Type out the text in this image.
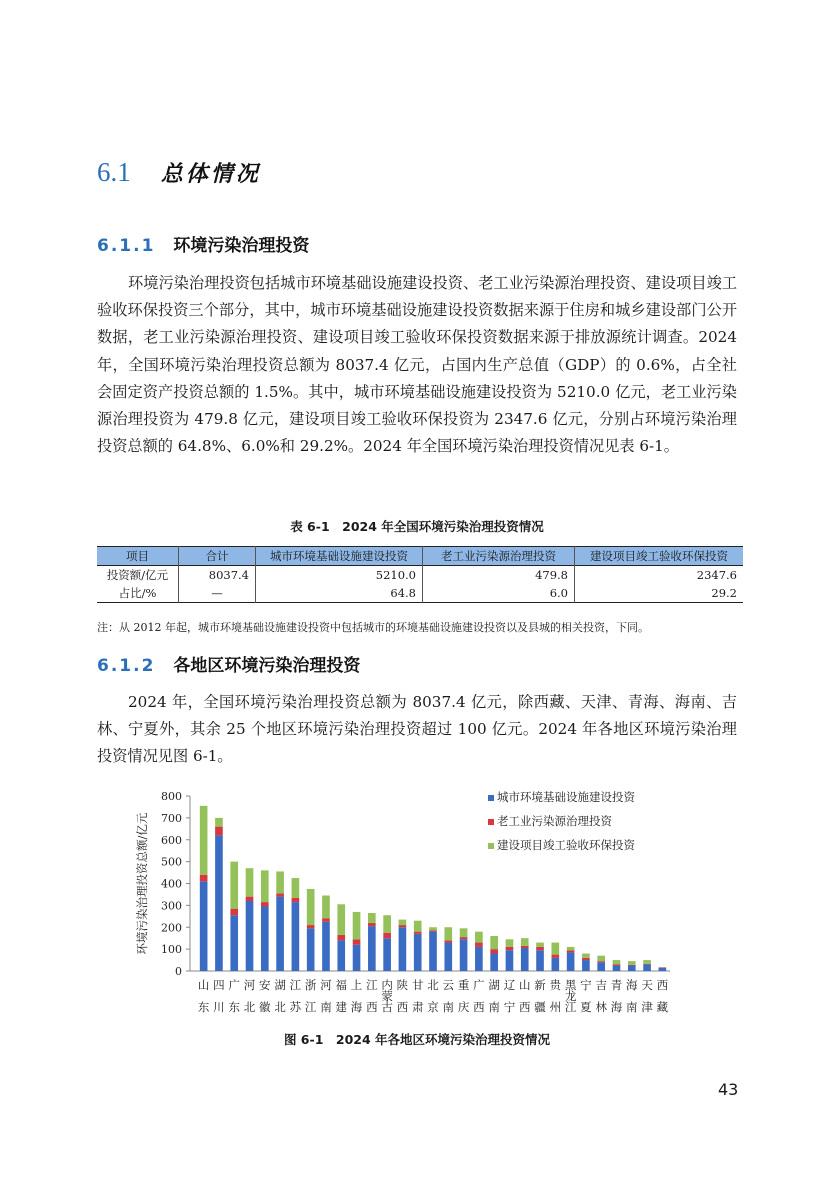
6.1 总体情况
6.1.1 环境污染治理投资
环境污染治理投资包括城市环境基础设施建设投资、老工业污染源治理投资、建设项目竣工验收环保投资三个部分，其中，城市环境基础设施建设投资数据来源于住房和城乡建设部门公开数据，老工业污染源治理投资、建设项目竣工验收环保投资数据来源于排放源统计调查。2024 年，全国环境污染治理投资总额为 8037.4 亿元，占国内生产总值（GDP）的 0.6%，占全社会固定资产投资总额的 1.5%。其中，城市环境基础设施建设投资为 5210.0 亿元，老工业污染源治理投资为 479.8 亿元，建设项目竣工验收环保投资为 2347.6 亿元，分别占环境污染治理投资总额的 64.8%、6.0%和 29.2%。2024 年全国环境污染治理投资情况见表 6-1。
表 6-1　2024 年全国环境污染治理投资情况
项目	合计	城市环境基础设施建设投资	老工业污染源治理投资	建设项目竣工验收环保投资
投资额/亿元	8037.4	5210.0	479.8	2347.6
占比/%	—	64.8	6.0	29.2
注：从 2012 年起，城市环境基础设施建设投资中包括城市的环境基础设施建设投资以及县城的相关投资，下同。
6.1.2 各地区环境污染治理投资
2024 年，全国环境污染治理投资总额为 8037.4 亿元，除西藏、天津、青海、海南、吉林、宁夏外，其余 25 个地区环境污染治理投资超过 100 亿元。2024 年各地区环境污染治理投资情况见图 6-1。
0
100
200
300
400
500
600
700
800
环境污染治理投资总额/亿元
山
东
四
川
广
东
河
北
安
徽
湖
北
江
苏
浙
江
河
南
福
建
上
海
江
西
内
蒙
古
陕
西
甘
肃
北
京
云
南
重
庆
广
西
湖
南
辽
宁
山
西
新
疆
贵
州
黑
龙
江
宁
夏
吉
林
青
海
海
南
天
津
西
藏
城市环境基础设施建设投资
老工业污染源治理投资
建设项目竣工验收环保投资
图 6-1　2024 年各地区环境污染治理投资情况
43
